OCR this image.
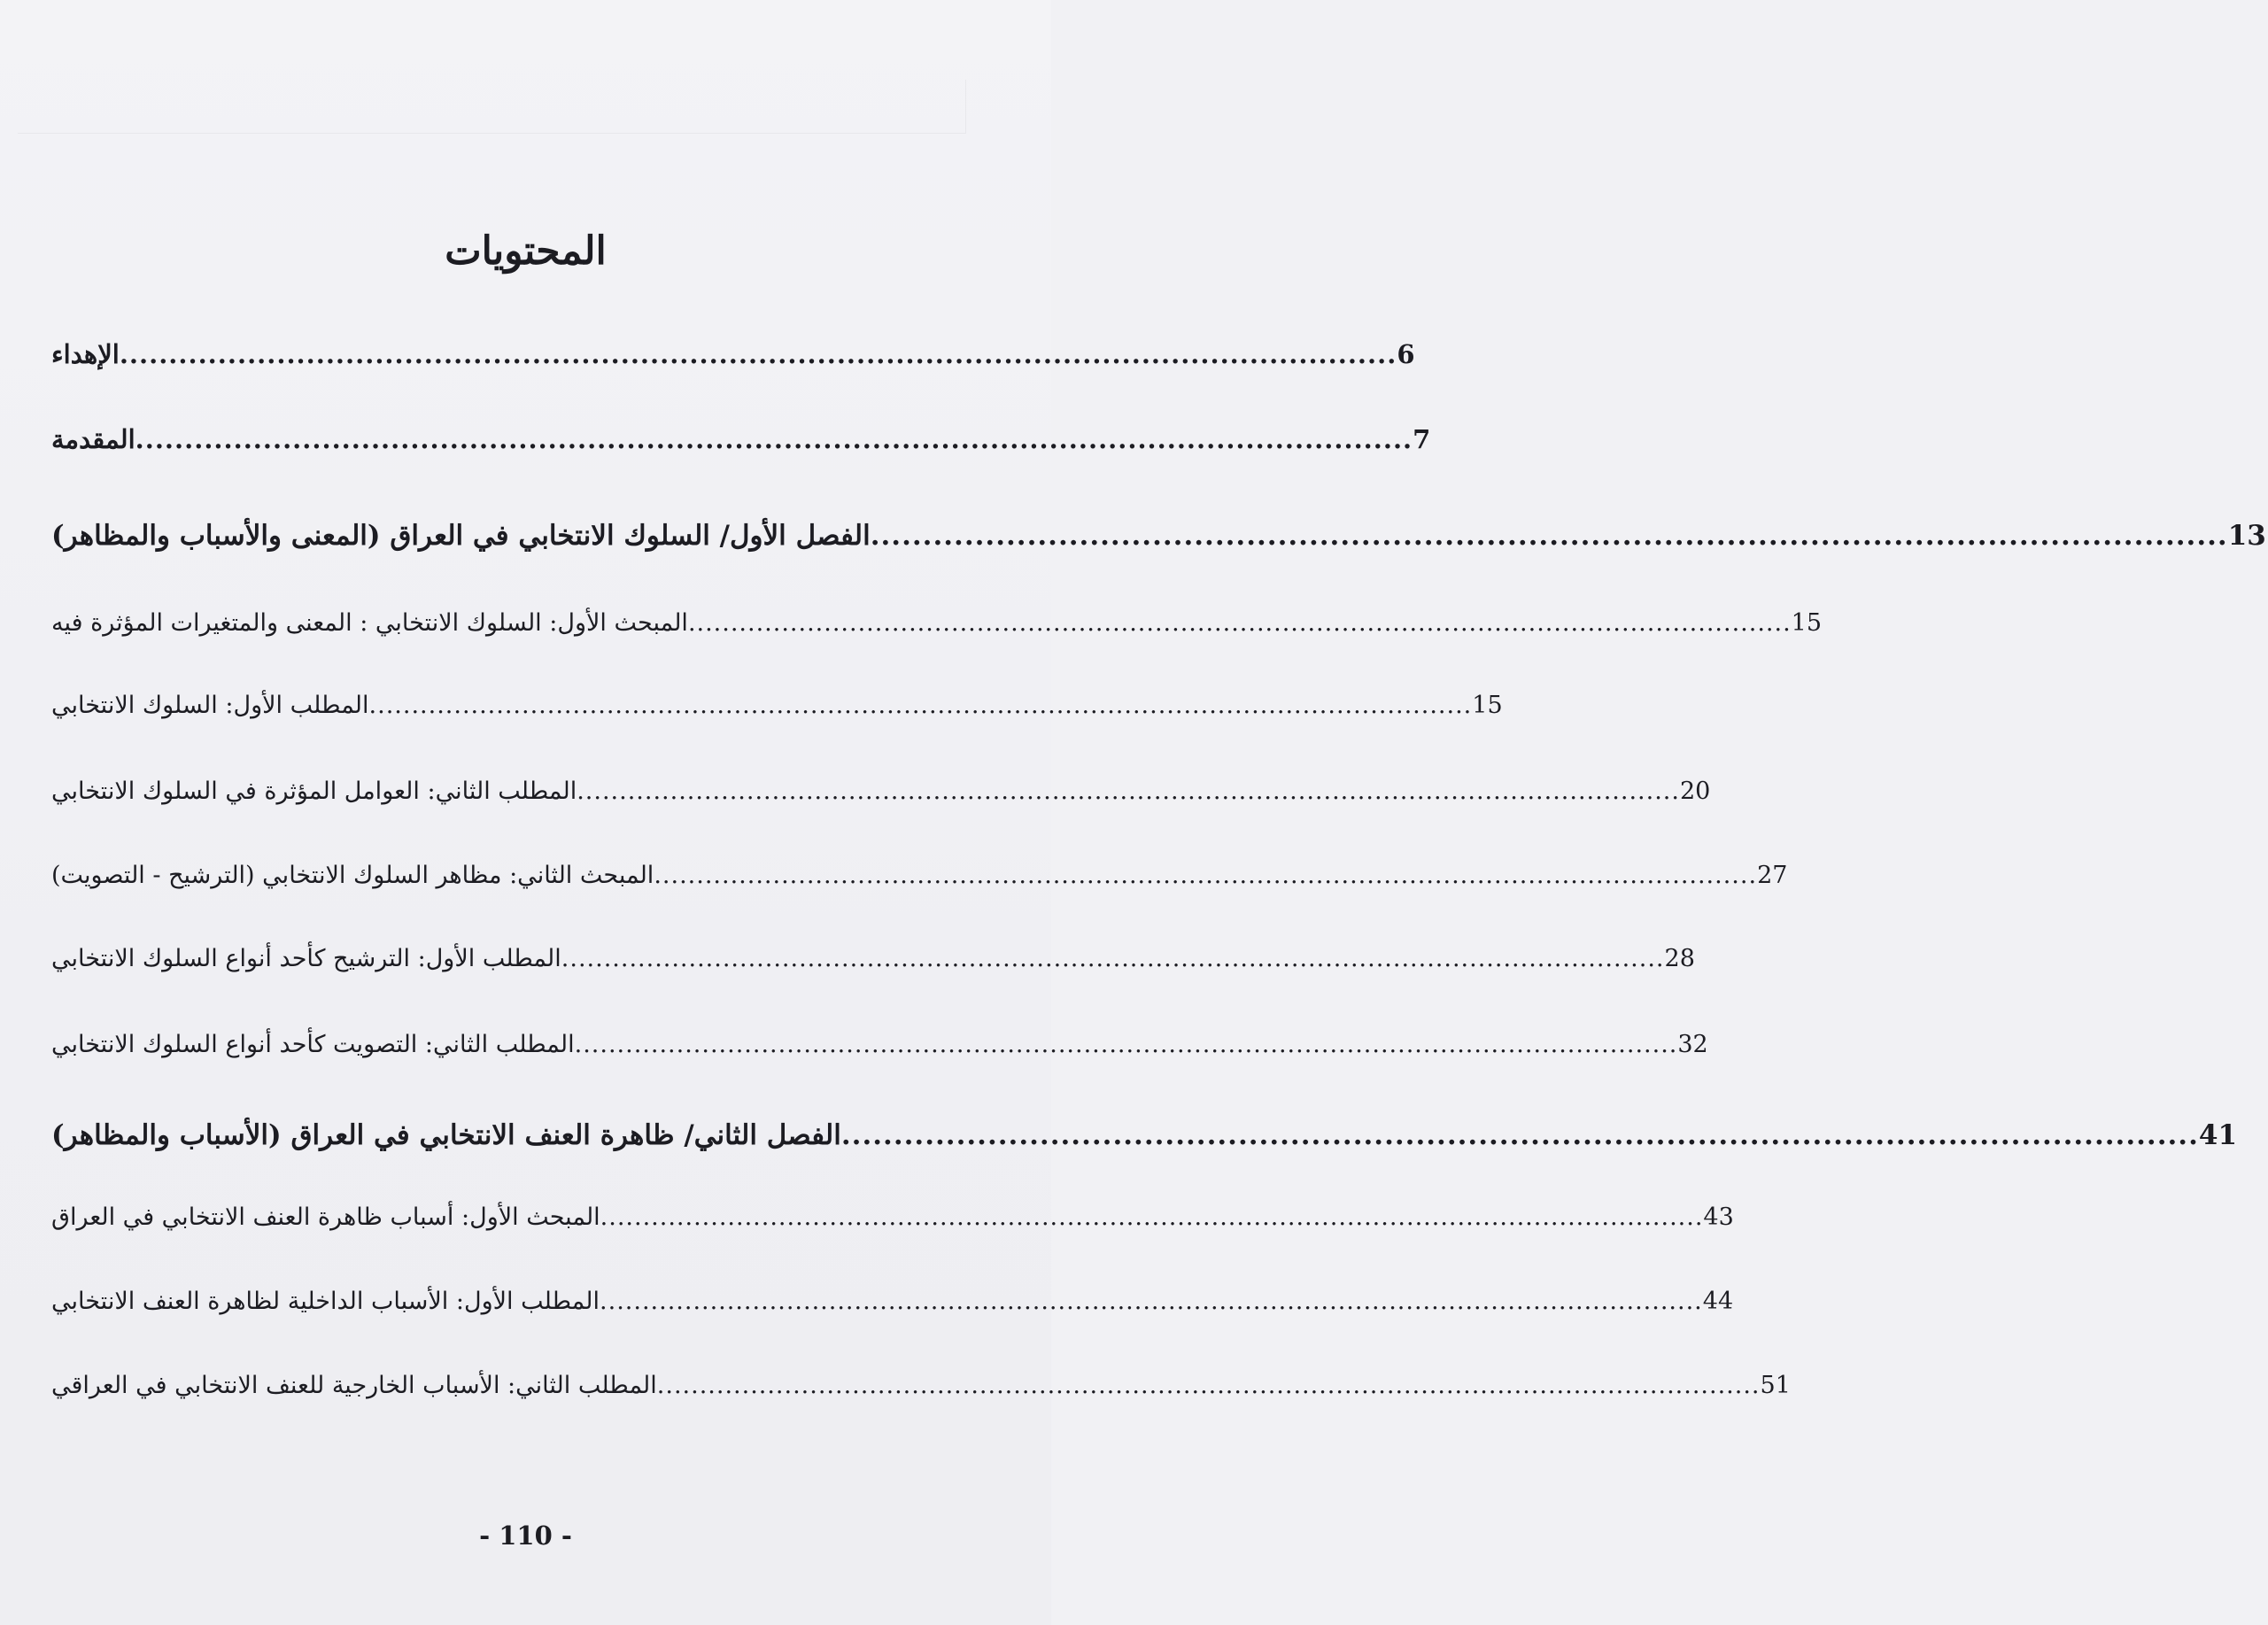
المحتويات
الإهداء .................................................................................................................................. 6
المقدمة .................................................................................................................................. 7
الفصل الأول/ السلوك الانتخابي في العراق (المعنى والأسباب والمظاهر) .................................................................................................................................. 13
المبحث الأول: السلوك الانتخابي : المعنى والمتغيرات المؤثرة فيه .................................................................................................................................. 15
المطلب الأول: السلوك الانتخابي .................................................................................................................................. 15
المطلب الثاني: العوامل المؤثرة في السلوك الانتخابي .................................................................................................................................. 20
المبحث الثاني: مظاهر السلوك الانتخابي (الترشيح - التصويت) .................................................................................................................................. 27
المطلب الأول: الترشيح كأحد أنواع السلوك الانتخابي .................................................................................................................................. 28
المطلب الثاني: التصويت كأحد أنواع السلوك الانتخابي .................................................................................................................................. 32
الفصل الثاني/ ظاهرة العنف الانتخابي في العراق (الأسباب والمظاهر) .................................................................................................................................. 41
المبحث الأول: أسباب ظاهرة العنف الانتخابي في العراق .................................................................................................................................. 43
المطلب الأول: الأسباب الداخلية لظاهرة العنف الانتخابي .................................................................................................................................. 44
المطلب الثاني: الأسباب الخارجية للعنف الانتخابي في العراقي .................................................................................................................................. 51
- 110 -
